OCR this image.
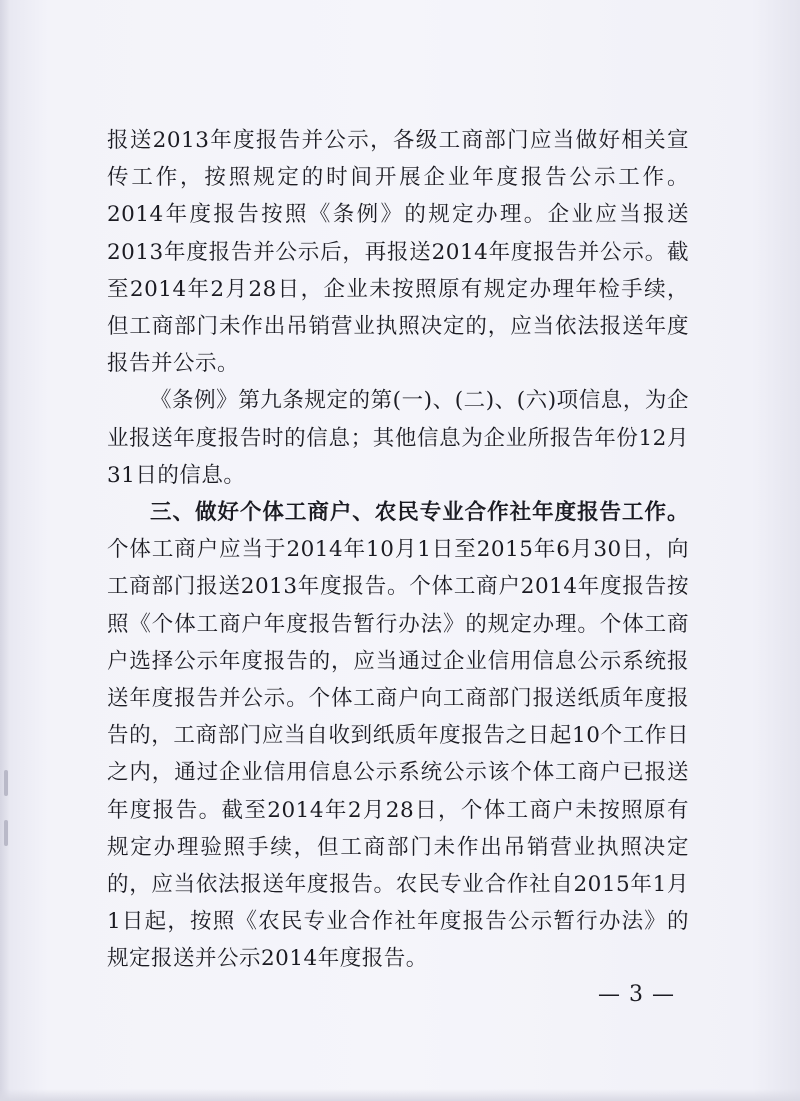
报送2013年度报告并公示，各级工商部门应当做好相关宣传工作，按照规定的时间开展企业年度报告公示工作。2014年度报告按照《条例》的规定办理。企业应当报送2013年度报告并公示后，再报送2014年度报告并公示。截至2014年2月28日，企业未按照原有规定办理年检手续，但工商部门未作出吊销营业执照决定的，应当依法报送年度报告并公示。

《条例》第九条规定的第(一)、(二)、(六)项信息，为企业报送年度报告时的信息；其他信息为企业所报告年份12月31日的信息。

三、做好个体工商户、农民专业合作社年度报告工作。个体工商户应当于2014年10月1日至2015年6月30日，向工商部门报送2013年度报告。个体工商户2014年度报告按照《个体工商户年度报告暂行办法》的规定办理。个体工商户选择公示年度报告的，应当通过企业信用信息公示系统报送年度报告并公示。个体工商户向工商部门报送纸质年度报告的，工商部门应当自收到纸质年度报告之日起10个工作日之内，通过企业信用信息公示系统公示该个体工商户已报送年度报告。截至2014年2月28日，个体工商户未按照原有规定办理验照手续，但工商部门未作出吊销营业执照决定的，应当依法报送年度报告。农民专业合作社自2015年1月1日起，按照《农民专业合作社年度报告公示暂行办法》的规定报送并公示2014年度报告。

— 3 —
